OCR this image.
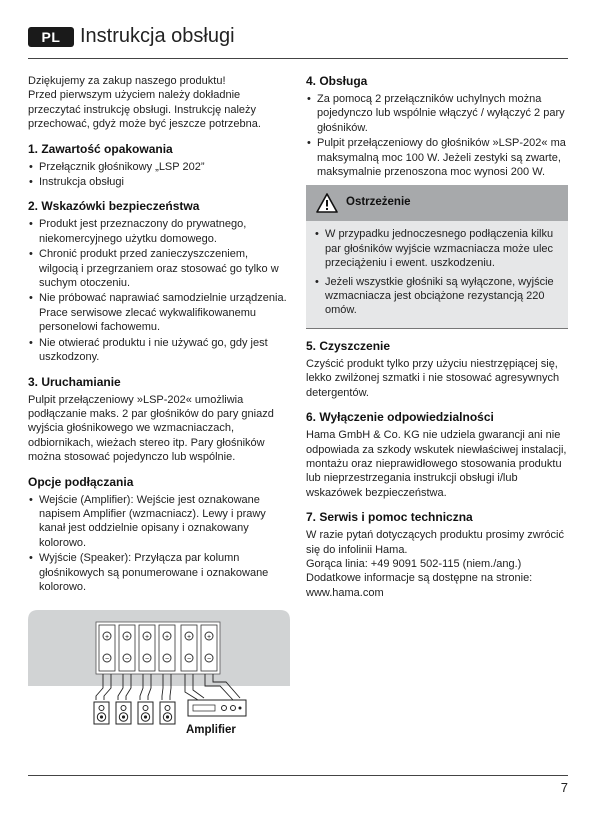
PL Instrukcja obsługi

Dziękujemy za zakup naszego produktu!

Przed pierwszym użyciem należy dokładnie przeczytać instrukcję obsługi. Instrukcję należy przechować, gdyż może być jeszcze potrzebna.

1. Zawartość opakowania
• Przełącznik głośnikowy „LSP 202”
• Instrukcja obsługi
2. Wskazówki bezpieczeństwa
• Produkt jest przeznaczony do prywatnego, niekomercyjnego użytku domowego.
• Chronić produkt przed zanieczyszczeniem, wilgocią i przegrzaniem oraz stosować go tylko w suchym otoczeniu.
• Nie próbować naprawiać samodzielnie urządzenia. Prace serwisowe zlecać wykwalifikowanemu personelowi fachowemu.
• Nie otwierać produktu i nie używać go, gdy jest uszkodzony.
3. Uruchamianie

Pulpit przełączeniowy »LSP-202« umożliwia podłączanie maks. 2 par głośników do pary gniazd wyjścia głośnikowego we wzmacniaczach, odbiornikach, wieżach stereo itp. Pary głośników można stosować pojedynczo lub wspólnie.

Opcje podłączania
• Wejście (Amplifier): Wejście jest oznakowane napisem Amplifier (wzmacniacz). Lewy i prawy kanał jest oddzielnie opisany i oznakowany kolorowo.
• Wyjście (Speaker): Przyłącza par kolumn głośnikowych są ponumerowane i oznakowane kolorowo.
+
−
+
−
+
−
+
−
+
−
+
−
Amplifier
4. Obsługa
• Za pomocą 2 przełączników uchylnych można pojedynczo lub wspólnie włączyć / wyłączyć 2 pary głośników.
• Pulpit przełączeniowy do głośników »LSP-202« ma maksymalną moc 100 W. Jeżeli zestyki są zwarte, maksymalnie przenoszona moc wynosi 200 W.
Ostrzeżenie
• W przypadku jednoczesnego podłączenia kilku par głośników wyjście wzmacniacza może ulec przeciążeniu i ewent. uszkodzeniu.
• Jeżeli wszystkie głośniki są wyłączone, wyjście wzmacniacza jest obciążone rezystancją 220 omów.
5. Czyszczenie

Czyścić produkt tylko przy użyciu niestrzępiącej się, lekko zwilżonej szmatki i nie stosować agresywnych detergentów.

6. Wyłączenie odpowiedzialności

Hama GmbH & Co. KG nie udziela gwarancji ani nie odpowiada za szkody wskutek niewłaściwej instalacji, montażu oraz nieprawidłowego stosowania produktu lub nieprzestrzegania instrukcji obsługi i/lub wskazówek bezpieczeństwa.

7. Serwis i pomoc techniczna

W razie pytań dotyczących produktu prosimy zwrócić się do infolinii Hama.

Gorąca linia: +49 9091 502-115 (niem./ang.)

Dodatkowe informacje są dostępne na stronie: www.hama.com

7
